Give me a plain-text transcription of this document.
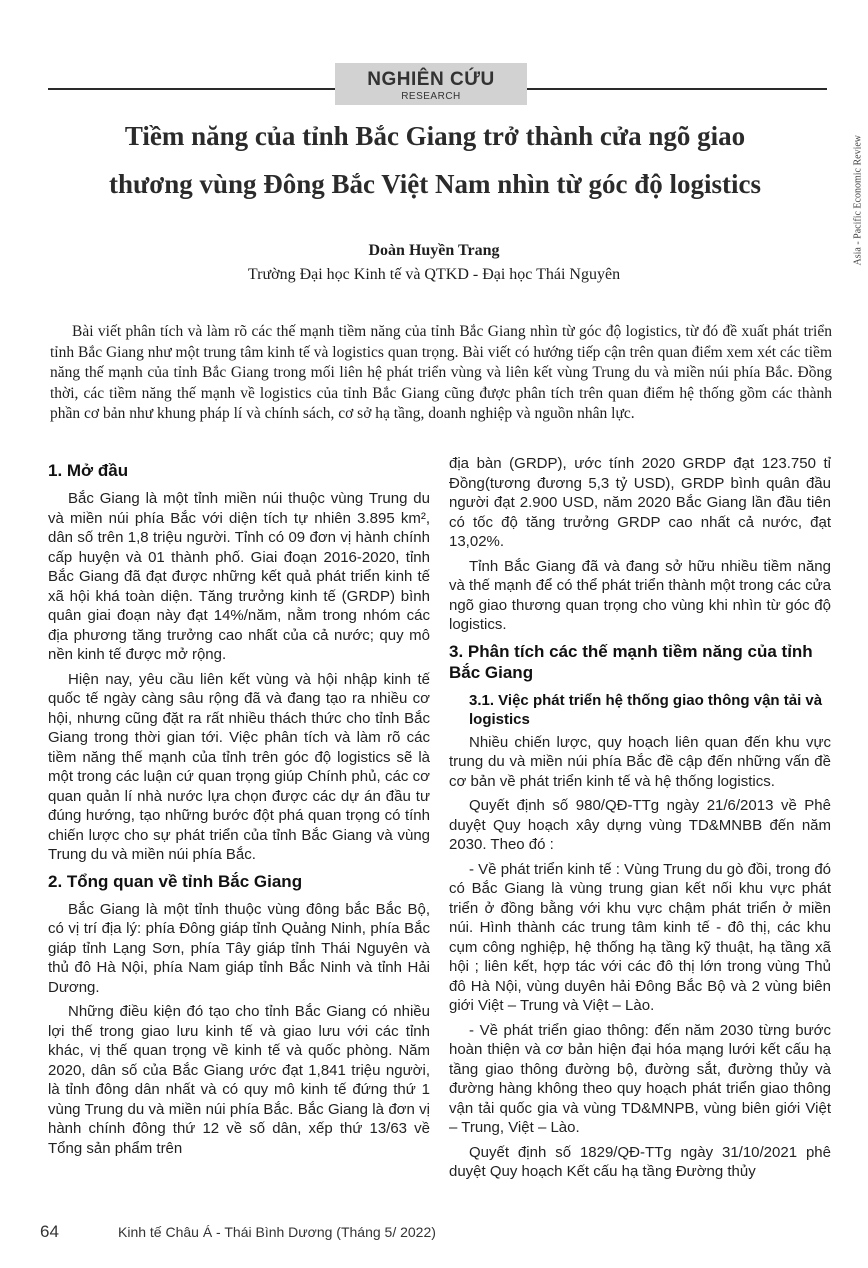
NGHIÊN CỨU
RESEARCH
Asia - Pacific Economic Review
Tiềm năng của tỉnh Bắc Giang trở thành cửa ngõ giao
thương vùng Đông Bắc Việt Nam nhìn từ góc độ logistics
Doàn Huyền Trang
Trường Đại học Kinh tế và QTKD - Đại học Thái Nguyên

Bài viết phân tích và làm rõ các thế mạnh tiềm năng của tỉnh Bắc Giang nhìn từ góc độ logistics, từ đó đề xuất phát triển tỉnh Bắc Giang như một trung tâm kinh tế và logistics quan trọng. Bài viết có hướng tiếp cận trên quan điểm xem xét các tiềm năng thế mạnh của tỉnh Bắc Giang trong mối liên hệ phát triển vùng và liên kết vùng Trung du và miền núi phía Bắc. Đồng thời, các tiềm năng thế mạnh về logistics của tỉnh Bắc Giang cũng được phân tích trên quan điểm hệ thống gồm các thành phần cơ bản như khung pháp lí và chính sách, cơ sở hạ tầng, doanh nghiệp và nguồn nhân lực.

1. Mở đầu

Bắc Giang là một tỉnh miền núi thuộc vùng Trung du và miền núi phía Bắc với diện tích tự nhiên 3.895 km², dân số trên 1,8 triệu người. Tỉnh có 09 đơn vị hành chính cấp huyện và 01 thành phố. Giai đoạn 2016-2020, tỉnh Bắc Giang đã đạt được những kết quả phát triển kinh tế xã hội khá toàn diện. Tăng trưởng kinh tế (GRDP) bình quân giai đoạn này đạt 14%/năm, nằm trong nhóm các địa phương tăng trưởng cao nhất của cả nước; quy mô nền kinh tế được mở rộng.

Hiện nay, yêu cầu liên kết vùng và hội nhập kinh tế quốc tế ngày càng sâu rộng đã và đang tạo ra nhiều cơ hội, nhưng cũng đặt ra rất nhiều thách thức cho tỉnh Bắc Giang trong thời gian tới. Việc phân tích và làm rõ các tiềm năng thế mạnh của tỉnh trên góc độ logistics sẽ là một trong các luận cứ quan trọng giúp Chính phủ, các cơ quan quản lí nhà nước lựa chọn được các dự án đầu tư đúng hướng, tạo những bước đột phá quan trọng có tính chiến lược cho sự phát triển của tỉnh Bắc Giang và vùng Trung du và miền núi phía Bắc.

2. Tổng quan về tỉnh Bắc Giang

Bắc Giang là một tỉnh thuộc vùng đông bắc Bắc Bộ, có vị trí địa lý: phía Đông giáp tỉnh Quảng Ninh, phía Bắc giáp tỉnh Lạng Sơn, phía Tây giáp tỉnh Thái Nguyên và thủ đô Hà Nội, phía Nam giáp tỉnh Bắc Ninh và tỉnh Hải Dương.

Những điều kiện đó tạo cho tỉnh Bắc Giang có nhiều lợi thế trong giao lưu kinh tế và giao lưu với các tỉnh khác, vị thế quan trọng về kinh tế và quốc phòng. Năm 2020, dân số của Bắc Giang ước đạt 1,841 triệu người, là tỉnh đông dân nhất và có quy mô kinh tế đứng thứ 1 vùng Trung du và miền núi phía Bắc. Bắc Giang là đơn vị hành chính đông thứ 12 về số dân, xếp thứ 13/63 về Tổng sản phẩm trên

địa bàn (GRDP), ước tính 2020 GRDP đạt 123.750 tỉ Đồng(tương đương 5,3 tỷ USD), GRDP bình quân đầu người đạt 2.900 USD, năm 2020 Bắc Giang lần đầu tiên có tốc độ tăng trưởng GRDP cao nhất cả nước, đạt 13,02%.

Tỉnh Bắc Giang đã và đang sở hữu nhiều tiềm năng và thế mạnh để có thể phát triển thành một trong các cửa ngõ giao thương quan trọng cho vùng khi nhìn từ góc độ logistics.

3. Phân tích các thế mạnh tiềm năng của tỉnh Bắc Giang
3.1. Việc phát triển hệ thống giao thông vận tải và logistics

Nhiều chiến lược, quy hoạch liên quan đến khu vực trung du và miền núi phía Bắc đề cập đến những vấn đề cơ bản về phát triển kinh tế và hệ thống logistics.

Quyết định số 980/QĐ-TTg ngày 21/6/2013 về Phê duyệt Quy hoạch xây dựng vùng TD&MNBB đến năm 2030. Theo đó :

- Về phát triển kinh tế : Vùng Trung du gò đồi, trong đó có Bắc Giang là vùng trung gian kết nối khu vực phát triển ở đồng bằng với khu vực chậm phát triển ở miền núi. Hình thành các trung tâm kinh tế - đô thị, các khu cụm công nghiệp, hệ thống hạ tầng kỹ thuật, hạ tầng xã hội ; liên kết, hợp tác với các đô thị lớn trong vùng Thủ đô Hà Nội, vùng duyên hải Đông Bắc Bộ và 2 vùng biên giới Việt – Trung và Việt – Lào.

- Về phát triển giao thông: đến năm 2030 từng bước hoàn thiện và cơ bản hiện đại hóa mạng lưới kết cấu hạ tầng giao thông đường bộ, đường sắt, đường thủy và đường hàng không theo quy hoạch phát triển giao thông vận tải quốc gia và vùng TD&MNPB, vùng biên giới Việt – Trung, Việt – Lào.

Quyết định số 1829/QĐ-TTg ngày 31/10/2021 phê duyệt Quy hoạch Kết cấu hạ tầng Đường thủy

64	Kinh tế Châu Á - Thái Bình Dương (Tháng 5/ 2022)
